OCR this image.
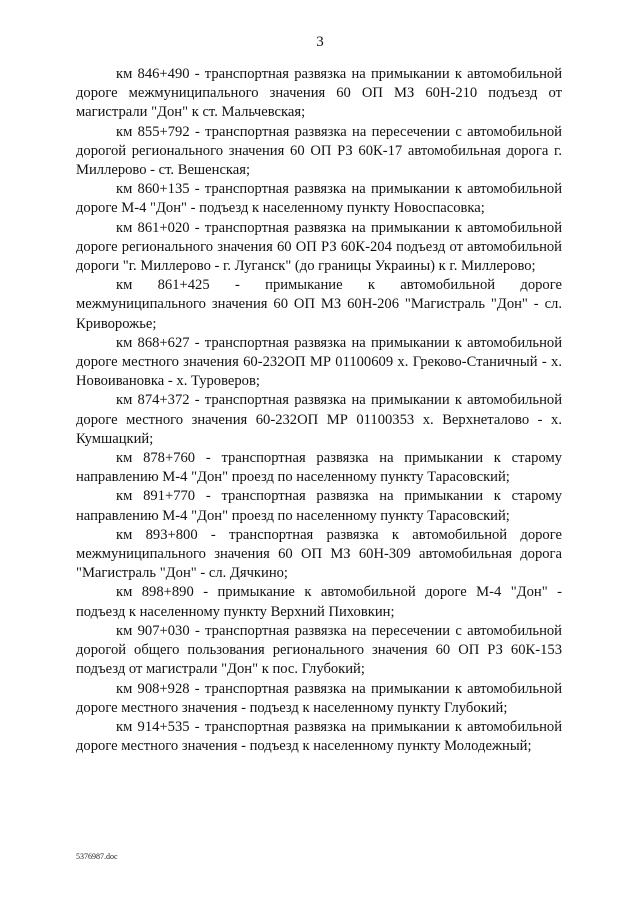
3

км 846+490 - транспортная развязка на примыкании к автомобильной дороге межмуниципального значения 60 ОП МЗ 60Н-210 подъезд от магистрали "Дон" к ст. Мальчевская;

км 855+792 - транспортная развязка на пересечении с автомобильной дорогой регионального значения 60 ОП РЗ 60К-17 автомобильная дорога г. Миллерово - ст. Вешенская;

км 860+135 - транспортная развязка на примыкании к автомобильной дороге М-4 "Дон" - подъезд к населенному пункту Новоспасовка;

км 861+020 - транспортная развязка на примыкании к автомобильной дороге регионального значения 60 ОП РЗ 60К-204 подъезд от автомобильной дороги "г. Миллерово - г. Луганск" (до границы Украины) к г. Миллерово;

км 861+425 - примыкание к автомобильной дороге межмуниципального значения 60 ОП МЗ 60Н-206 "Магистраль "Дон" - сл. Криворожье;

км 868+627 - транспортная развязка на примыкании к автомобильной дороге местного значения 60-232ОП МР 01100609 х. Греково-Станичный - х. Новоивановка - х. Туроверов;

км 874+372 - транспортная развязка на примыкании к автомобильной дороге местного значения 60-232ОП МР 01100353 х. Верхнеталово - х. Кумшацкий;

км 878+760 - транспортная развязка на примыкании к старому направлению М-4 "Дон" проезд по населенному пункту Тарасовский;

км 891+770 - транспортная развязка на примыкании к старому направлению М-4 "Дон" проезд по населенному пункту Тарасовский;

км 893+800 - транспортная развязка к автомобильной дороге межмуниципального значения 60 ОП МЗ 60Н-309 автомобильная дорога "Магистраль "Дон" - сл. Дячкино;

км 898+890 - примыкание к автомобильной дороге М-4 "Дон" - подъезд к населенному пункту Верхний Пиховкин;

км 907+030 - транспортная развязка на пересечении с автомобильной дорогой общего пользования регионального значения 60 ОП РЗ 60К-153 подъезд от магистрали "Дон" к пос. Глубокий;

км 908+928 - транспортная развязка на примыкании к автомобильной дороге местного значения - подъезд к населенному пункту Глубокий;

км 914+535 - транспортная развязка на примыкании к автомобильной дороге местного значения - подъезд к населенному пункту Молодежный;

5376987.doc
